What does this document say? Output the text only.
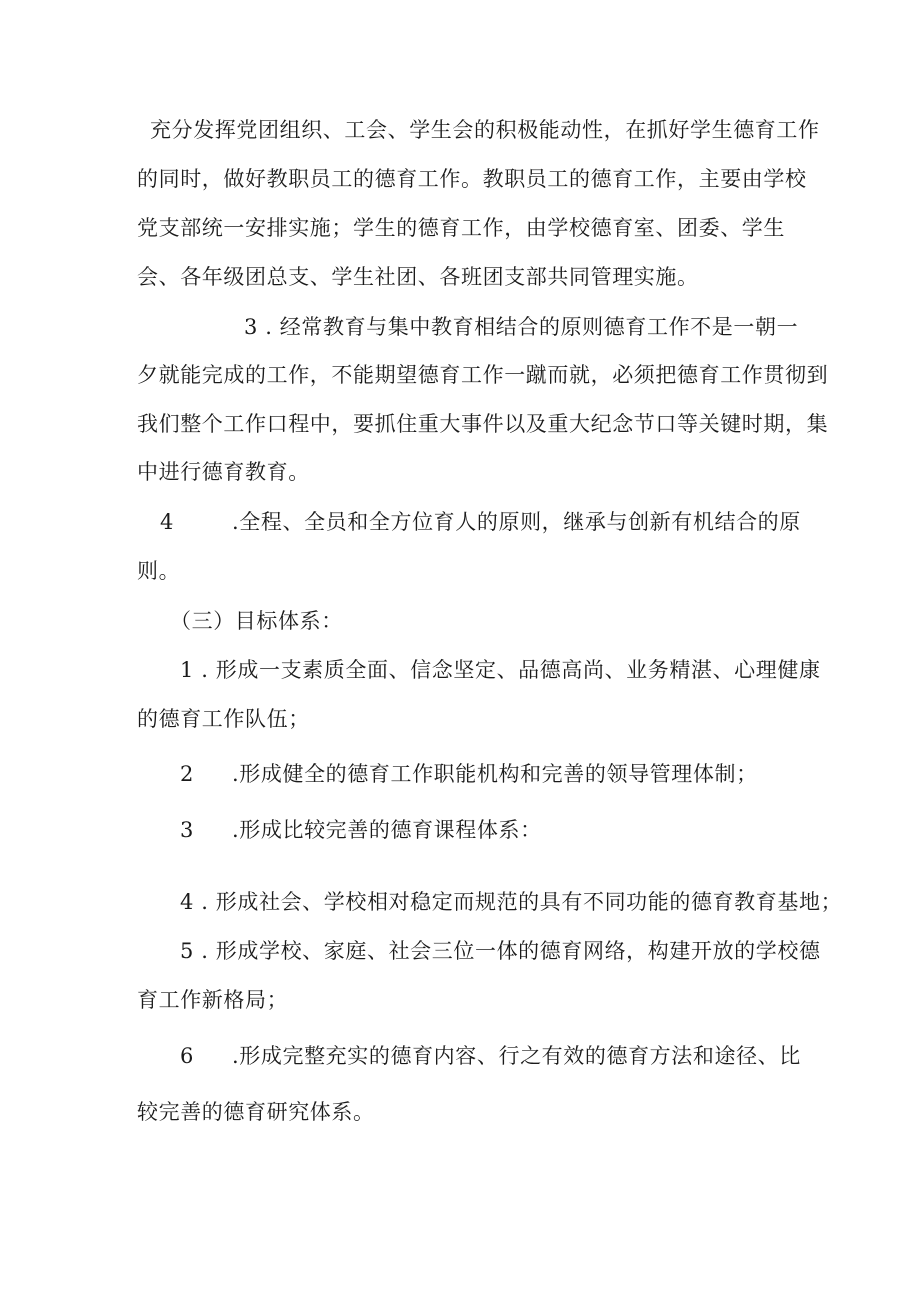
充分发挥党团组织、工会、学生会的积极能动性，在抓好学生德育工作
的同时，做好教职员工的德育工作。教职员工的德育工作，主要由学校
党支部统一安排实施；学生的德育工作，由学校德育室、团委、学生
会、各年级团总支、学生社团、各班团支部共同管理实施。
3 . 经常教育与集中教育相结合的原则德育工作不是一朝一
夕就能完成的工作，不能期望德育工作一蹴而就，必须把德育工作贯彻到
我们整个工作口程中，要抓住重大事件以及重大纪念节口等关键时期，集
中进行德育教育。
4	.全程、全员和全方位育人的原则，继承与创新有机结合的原
则。
（三）目标体系：
1 . 形成一支素质全面、信念坚定、品德高尚、业务精湛、心理健康
的德育工作队伍；
2 .形成健全的德育工作职能机构和完善的领导管理体制；
3 .形成比较完善的德育课程体系：
4 . 形成社会、学校相对稳定而规范的具有不同功能的德育教育基地；
5 . 形成学校、家庭、社会三位一体的德育网络，构建开放的学校德
育工作新格局；
6 .形成完整充实的德育内容、行之有效的德育方法和途径、比
较完善的德育研究体系。
